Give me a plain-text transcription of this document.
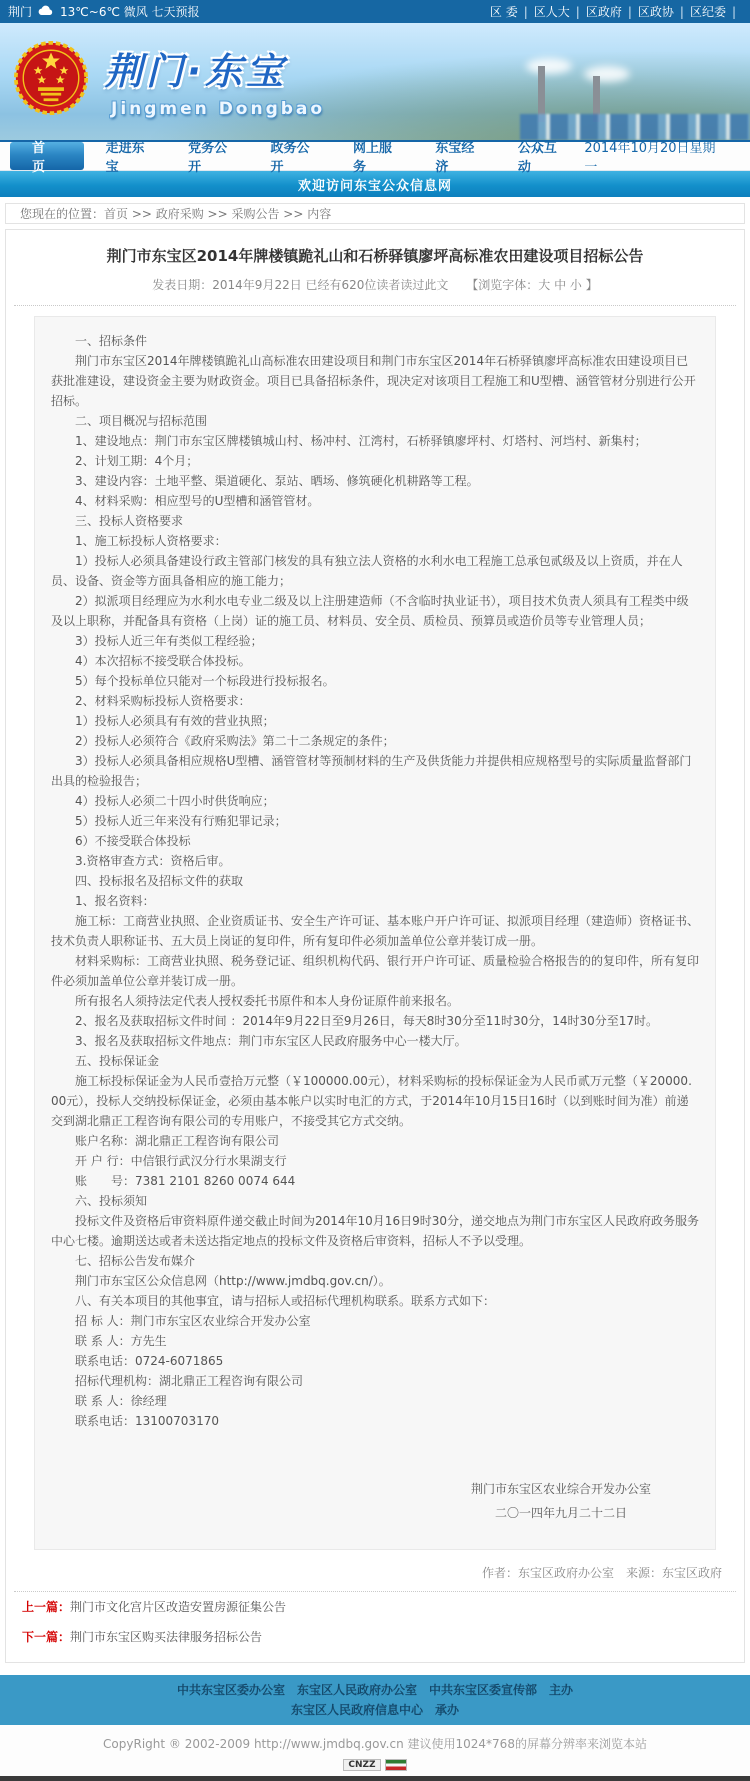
荆门 13℃~6℃ 微风 七天预报	区 委 |	区人大 |	区政府 |	区政协 |	区纪委 |
荆门·东宝
Jingmen Dongbao
首 页
走进东宝
党务公开
政务公开
网上服务
东宝经济
公众互动
2014年10月20日星期一
欢迎访问东宝公众信息网
您现在的位置：首页 >> 政府采购 >> 采购公告 >> 内容
荆门市东宝区2014年牌楼镇跪礼山和石桥驿镇廖坪高标准农田建设项目招标公告
发表日期：2014年9月22日 已经有620位读者读过此文 【浏览字体：大 中 小 】

一、招标条件

荆门市东宝区2014年牌楼镇跪礼山高标准农田建设项目和荆门市东宝区2014年石桥驿镇廖坪高标准农田建设项目已获批准建设，建设资金主要为财政资金。项目已具备招标条件，现决定对该项目工程施工和U型槽、涵管管材分别进行公开招标。

二、项目概况与招标范围

1、建设地点：荆门市东宝区牌楼镇城山村、杨冲村、江湾村，石桥驿镇廖坪村、灯塔村、河垱村、新集村；

2、计划工期：4个月；

3、建设内容：土地平整、渠道硬化、泵站、晒场、修筑硬化机耕路等工程。

4、材料采购：相应型号的U型槽和涵管管材。

三、投标人资格要求

1、施工标投标人资格要求：

1）投标人必须具备建设行政主管部门核发的具有独立法人资格的水利水电工程施工总承包贰级及以上资质，并在人员、设备、资金等方面具备相应的施工能力；

2）拟派项目经理应为水利水电专业二级及以上注册建造师（不含临时执业证书），项目技术负责人须具有工程类中级及以上职称，并配备具有资格（上岗）证的施工员、材料员、安全员、质检员、预算员或造价员等专业管理人员；

3）投标人近三年有类似工程经验；

4）本次招标不接受联合体投标。

5）每个投标单位只能对一个标段进行投标报名。

2、材料采购标投标人资格要求：

1）投标人必须具有有效的营业执照；

2）投标人必须符合《政府采购法》第二十二条规定的条件；

3）投标人必须具备相应规格U型槽、涵管管材等预制材料的生产及供货能力并提供相应规格型号的实际质量监督部门出具的检验报告；

4）投标人必须二十四小时供货响应；

5）投标人近三年来没有行贿犯罪记录；

6）不接受联合体投标

3.资格审查方式：资格后审。

四、投标报名及招标文件的获取

1、报名资料：

施工标：工商营业执照、企业资质证书、安全生产许可证、基本账户开户许可证、拟派项目经理（建造师）资格证书、技术负责人职称证书、五大员上岗证的复印件，所有复印件必须加盖单位公章并装订成一册。

材料采购标：工商营业执照、税务登记证、组织机构代码、银行开户许可证、质量检验合格报告的的复印件，所有复印件必须加盖单位公章并装订成一册。

所有报名人须持法定代表人授权委托书原件和本人身份证原件前来报名。

2、报名及获取招标文件时间 ：2014年9月22日至9月26日，每天8时30分至11时30分，14时30分至17时。

3、报名及获取招标文件地点：荆门市东宝区人民政府服务中心一楼大厅。

五、投标保证金

施工标投标保证金为人民币壹拾万元整（￥100000.00元），材料采购标的投标保证金为人民币贰万元整（￥20000.00元），投标人交纳投标保证金，必须由基本帐户以实时电汇的方式，于2014年10月15日16时（以到账时间为准）前递交到湖北鼎正工程咨询有限公司的专用账户，不接受其它方式交纳。

账户名称：湖北鼎正工程咨询有限公司

开 户 行：中信银行武汉分行水果湖支行

账　　号：7381 2101 8260 0074 644

六、投标须知

投标文件及资格后审资料原件递交截止时间为2014年10月16日9时30分，递交地点为荆门市东宝区人民政府政务服务中心七楼。逾期送达或者未送达指定地点的投标文件及资格后审资料，招标人不予以受理。

七、招标公告发布媒介

荆门市东宝区公众信息网（http://www.jmdbq.gov.cn/）。

八、有关本项目的其他事宜，请与招标人或招标代理机构联系。联系方式如下：

招 标 人：荆门市东宝区农业综合开发办公室

联 系 人：方先生

联系电话：0724-6071865

招标代理机构：湖北鼎正工程咨询有限公司

联 系 人：徐经理

联系电话：13100703170

荆门市东宝区农业综合开发办公室
二〇一四年九月二十二日
作者：东宝区政府办公室　来源：东宝区政府
上一篇：荆门市文化宫片区改造安置房源征集公告
下一篇：荆门市东宝区购买法律服务招标公告
中共东宝区委办公室　东宝区人民政府办公室　中共东宝区委宣传部　主办
东宝区人民政府信息中心　承办
CopyRight ® 2002-2009 http://www.jmdbq.gov.cn 建议使用1024*768的屏幕分辨率来浏览本站
CNZZ
